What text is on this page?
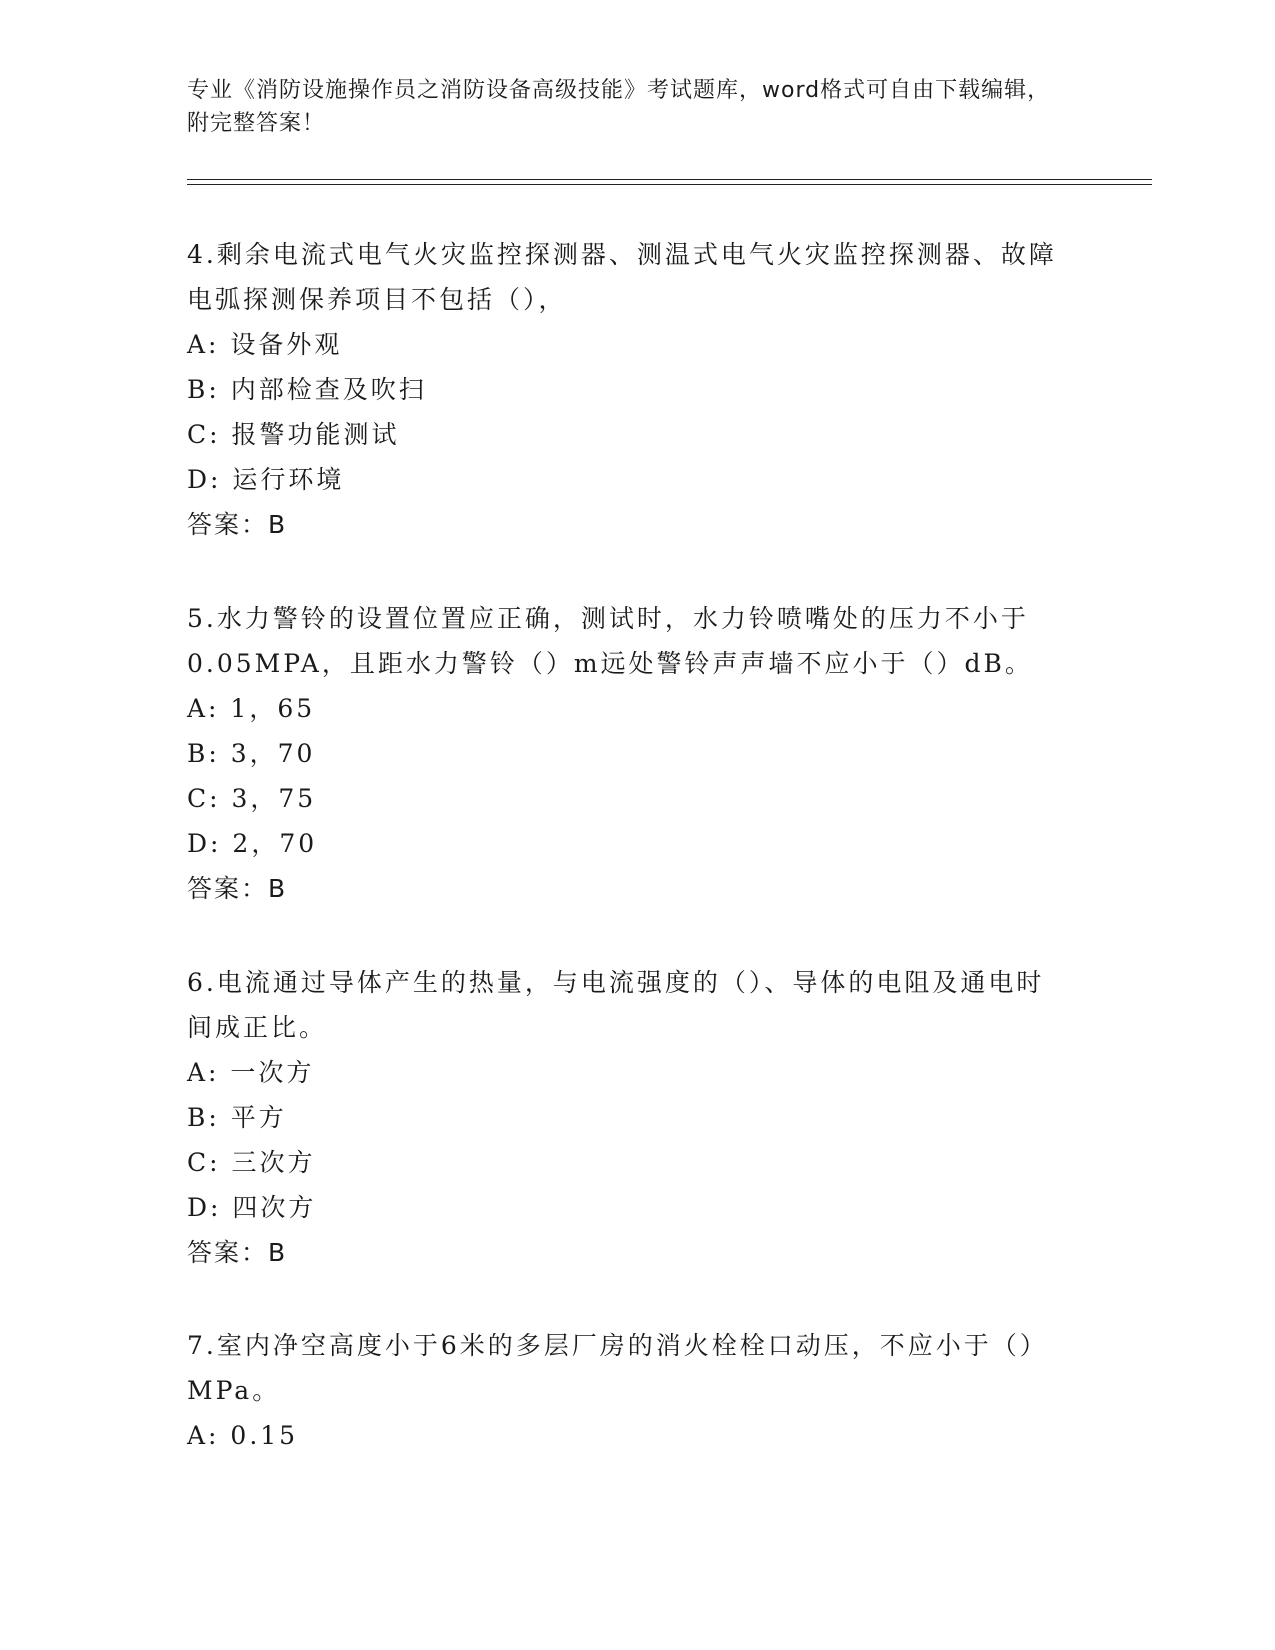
专业《消防设施操作员之消防设备高级技能》考试题库，word格式可自由下载编辑，附完整答案！

4.剩余电流式电气火灾监控探测器、测温式电气火灾监控探测器、故障电弧探测保养项目不包括（），

A: 设备外观

B: 内部检查及吹扫

C: 报警功能测试

D: 运行环境

答案：B

5.水力警铃的设置位置应正确，测试时，水力铃喷嘴处的压力不小于0.05MPA，且距水力警铃（）m远处警铃声声墙不应小于（）dB。

A: 1，65

B: 3，70

C: 3，75

D: 2，70

答案：B

6.电流通过导体产生的热量，与电流强度的（）、导体的电阻及通电时间成正比。

A: 一次方

B: 平方

C: 三次方

D: 四次方

答案：B

7.室内净空高度小于6米的多层厂房的消火栓栓口动压，不应小于（）MPa。

A: 0.15
